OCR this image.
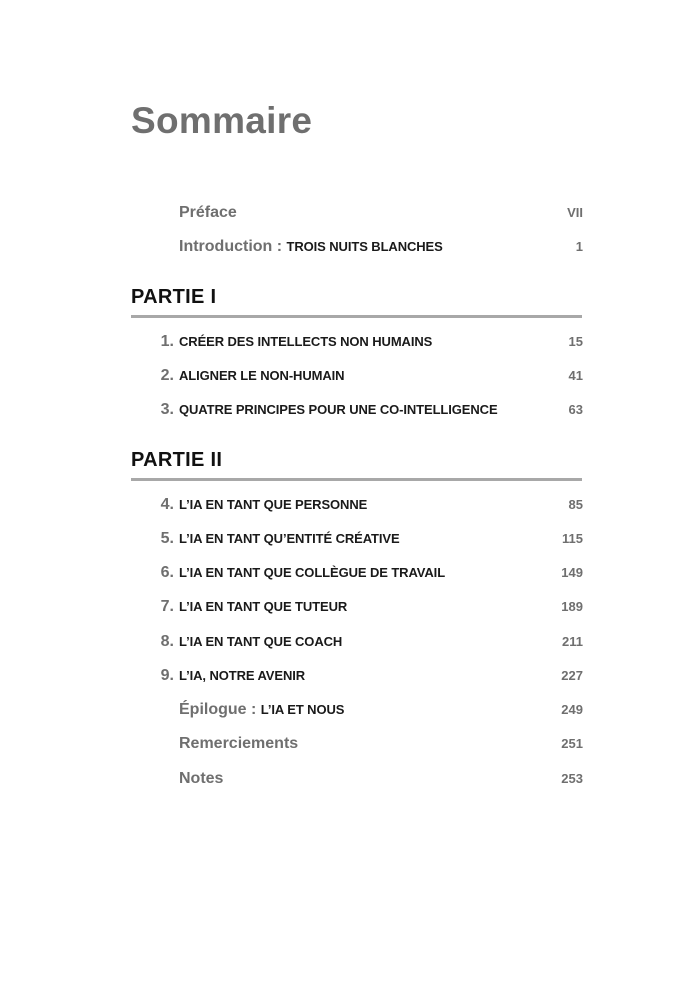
Sommaire
Préface	VII
Introduction : TROIS NUITS BLANCHES	1
PARTIE I
1. CRÉER DES INTELLECTS NON HUMAINS	15
2. ALIGNER LE NON-HUMAIN	41
3. QUATRE PRINCIPES POUR UNE CO-INTELLIGENCE	63
PARTIE II
4. L’IA EN TANT QUE PERSONNE	85
5. L’IA EN TANT QU’ENTITÉ CRÉATIVE	115
6. L’IA EN TANT QUE COLLÈGUE DE TRAVAIL	149
7. L’IA EN TANT QUE TUTEUR	189
8. L’IA EN TANT QUE COACH	211
9. L’IA, NOTRE AVENIR	227
Épilogue : L’IA ET NOUS	249
Remerciements	251
Notes	253
